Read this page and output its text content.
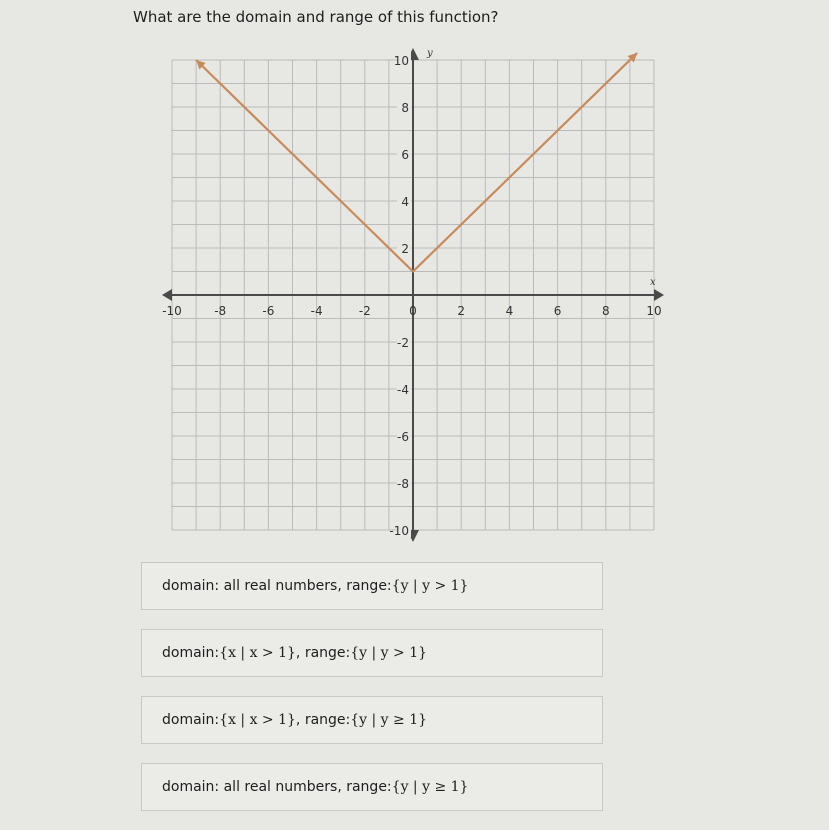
What are the domain and range of this function?
x
y
-10	-8	-6	-4	-2	0	2	4	6	8	10
10
8
6
4
2
-2
-4
-6
-8
-10
domain: all real numbers, range: {y | y > 1}
domain: {x | x > 1} , range: {y | y > 1}
domain: {x | x > 1} , range: {y | y ≥ 1}
domain: all real numbers, range: {y | y ≥ 1}
